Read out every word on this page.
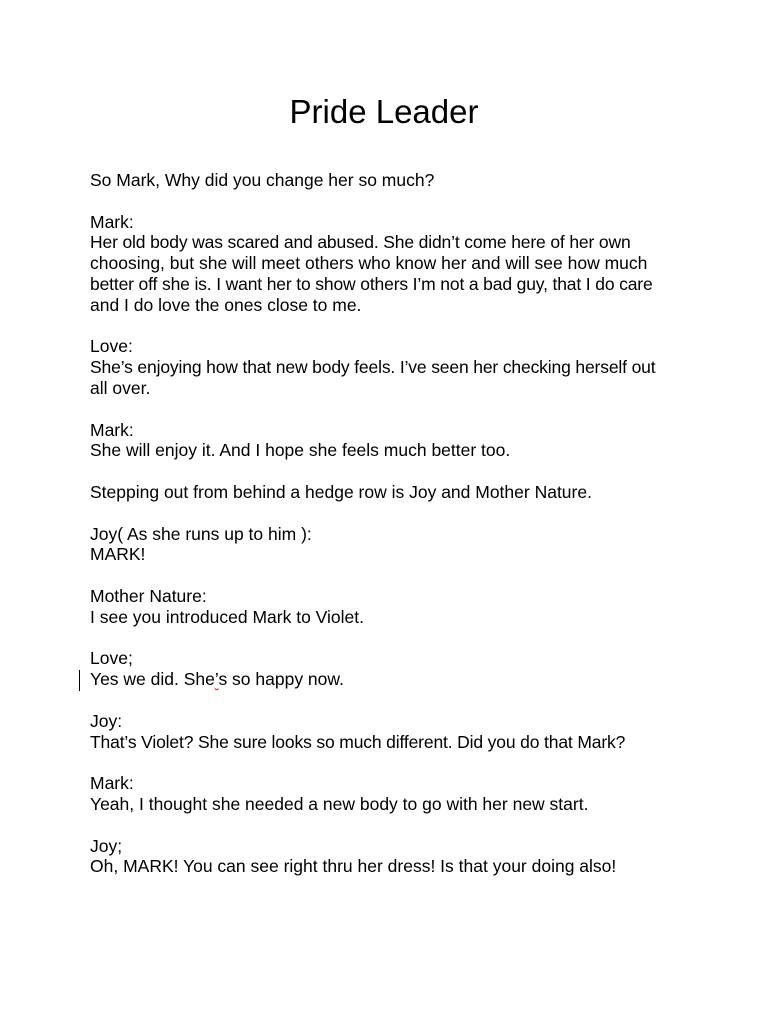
Pride Leader
So Mark, Why did you change her so much?
Mark:
Her old body was scared and abused. She didn’t come here of her own
choosing, but she will meet others who know her and will see how much
better off she is. I want her to show others I’m not a bad guy, that I do care
and I do love the ones close to me.
Love:
She’s enjoying how that new body feels. I’ve seen her checking herself out
all over.
Mark:
She will enjoy it. And I hope she feels much better too.
Stepping out from behind a hedge row is Joy and Mother Nature.
Joy( As she runs up to him ):
MARK!
Mother Nature:
I see you introduced Mark to Violet.
Love;
Yes we did. She’s so happy now.
Joy:
That’s Violet? She sure looks so much different. Did you do that Mark?
Mark:
Yeah, I thought she needed a new body to go with her new start.
Joy;
Oh, MARK! You can see right thru her dress! Is that your doing also!
